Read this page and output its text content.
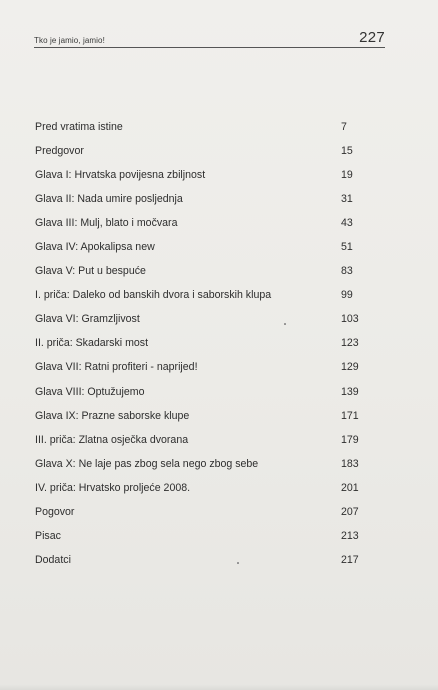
Tko je jamio, jamio!	227
Pred vratima istine	7
Predgovor	15
Glava I: Hrvatska povijesna zbiljnost	19
Glava II: Nada umire posljednja	31
Glava III: Mulj, blato i močvara	43
Glava IV: Apokalipsa new	51
Glava V: Put u bespuće	83
I. priča: Daleko od banskih dvora i saborskih klupa	99
Glava VI: Gramzljivost	103
II. priča: Skadarski most	123
Glava VII: Ratni profiteri - naprijed!	129
Glava VIII: Optužujemo	139
Glava IX: Prazne saborske klupe	171
III. priča: Zlatna osječka dvorana	179
Glava X: Ne laje pas zbog sela nego zbog sebe	183
IV. priča: Hrvatsko proljeće 2008.	201
Pogovor	207
Pisac	213
Dodatci	217
